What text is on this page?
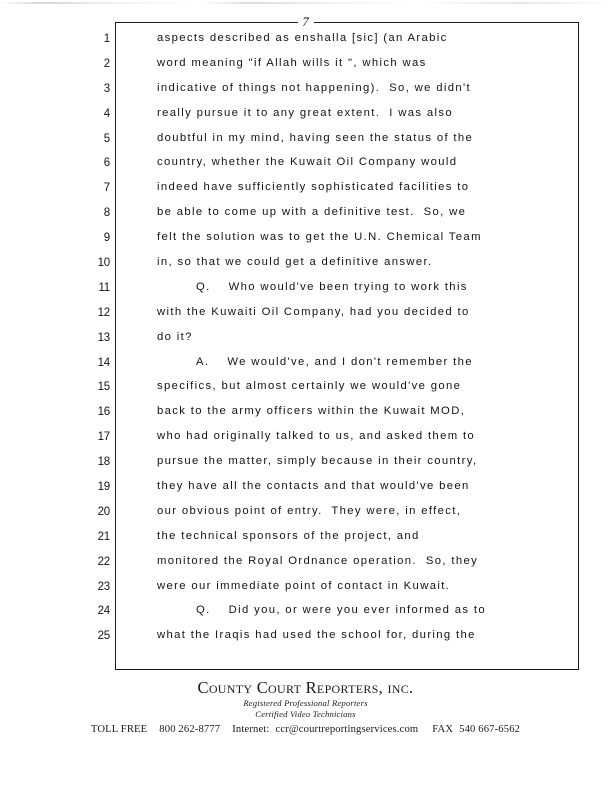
7
1	aspects described as enshalla [sic] (an Arabic
2	word meaning "if Allah wills it ", which was
3	indicative of things not happening).  So, we didn't
4	really pursue it to any great extent.  I was also
5	doubtful in my mind, having seen the status of the
6	country, whether the Kuwait Oil Company would
7	indeed have sufficiently sophisticated facilities to
8	be able to come up with a definitive test.  So, we
9	felt the solution was to get the U.N. Chemical Team
10	in, so that we could get a definitive answer.
11	Q.    Who would've been trying to work this
12	with the Kuwaiti Oil Company, had you decided to
13	do it?
14	A.    We would've, and I don't remember the
15	specifics, but almost certainly we would've gone
16	back to the army officers within the Kuwait MOD,
17	who had originally talked to us, and asked them to
18	pursue the matter, simply because in their country,
19	they have all the contacts and that would've been
20	our obvious point of entry.  They were, in effect,
21	the technical sponsors of the project, and
22	monitored the Royal Ordnance operation.  So, they
23	were our immediate point of contact in Kuwait.
24	Q.    Did you, or were you ever informed as to
25	what the Iraqis had used the school for, during the
County Court Reporters, inc.
Registered Professional Reporters
Certified Video Technicians
TOLL FREE 800 262-8777 Internet: ccr@courtreportingservices.com FAX 540 667-6562
